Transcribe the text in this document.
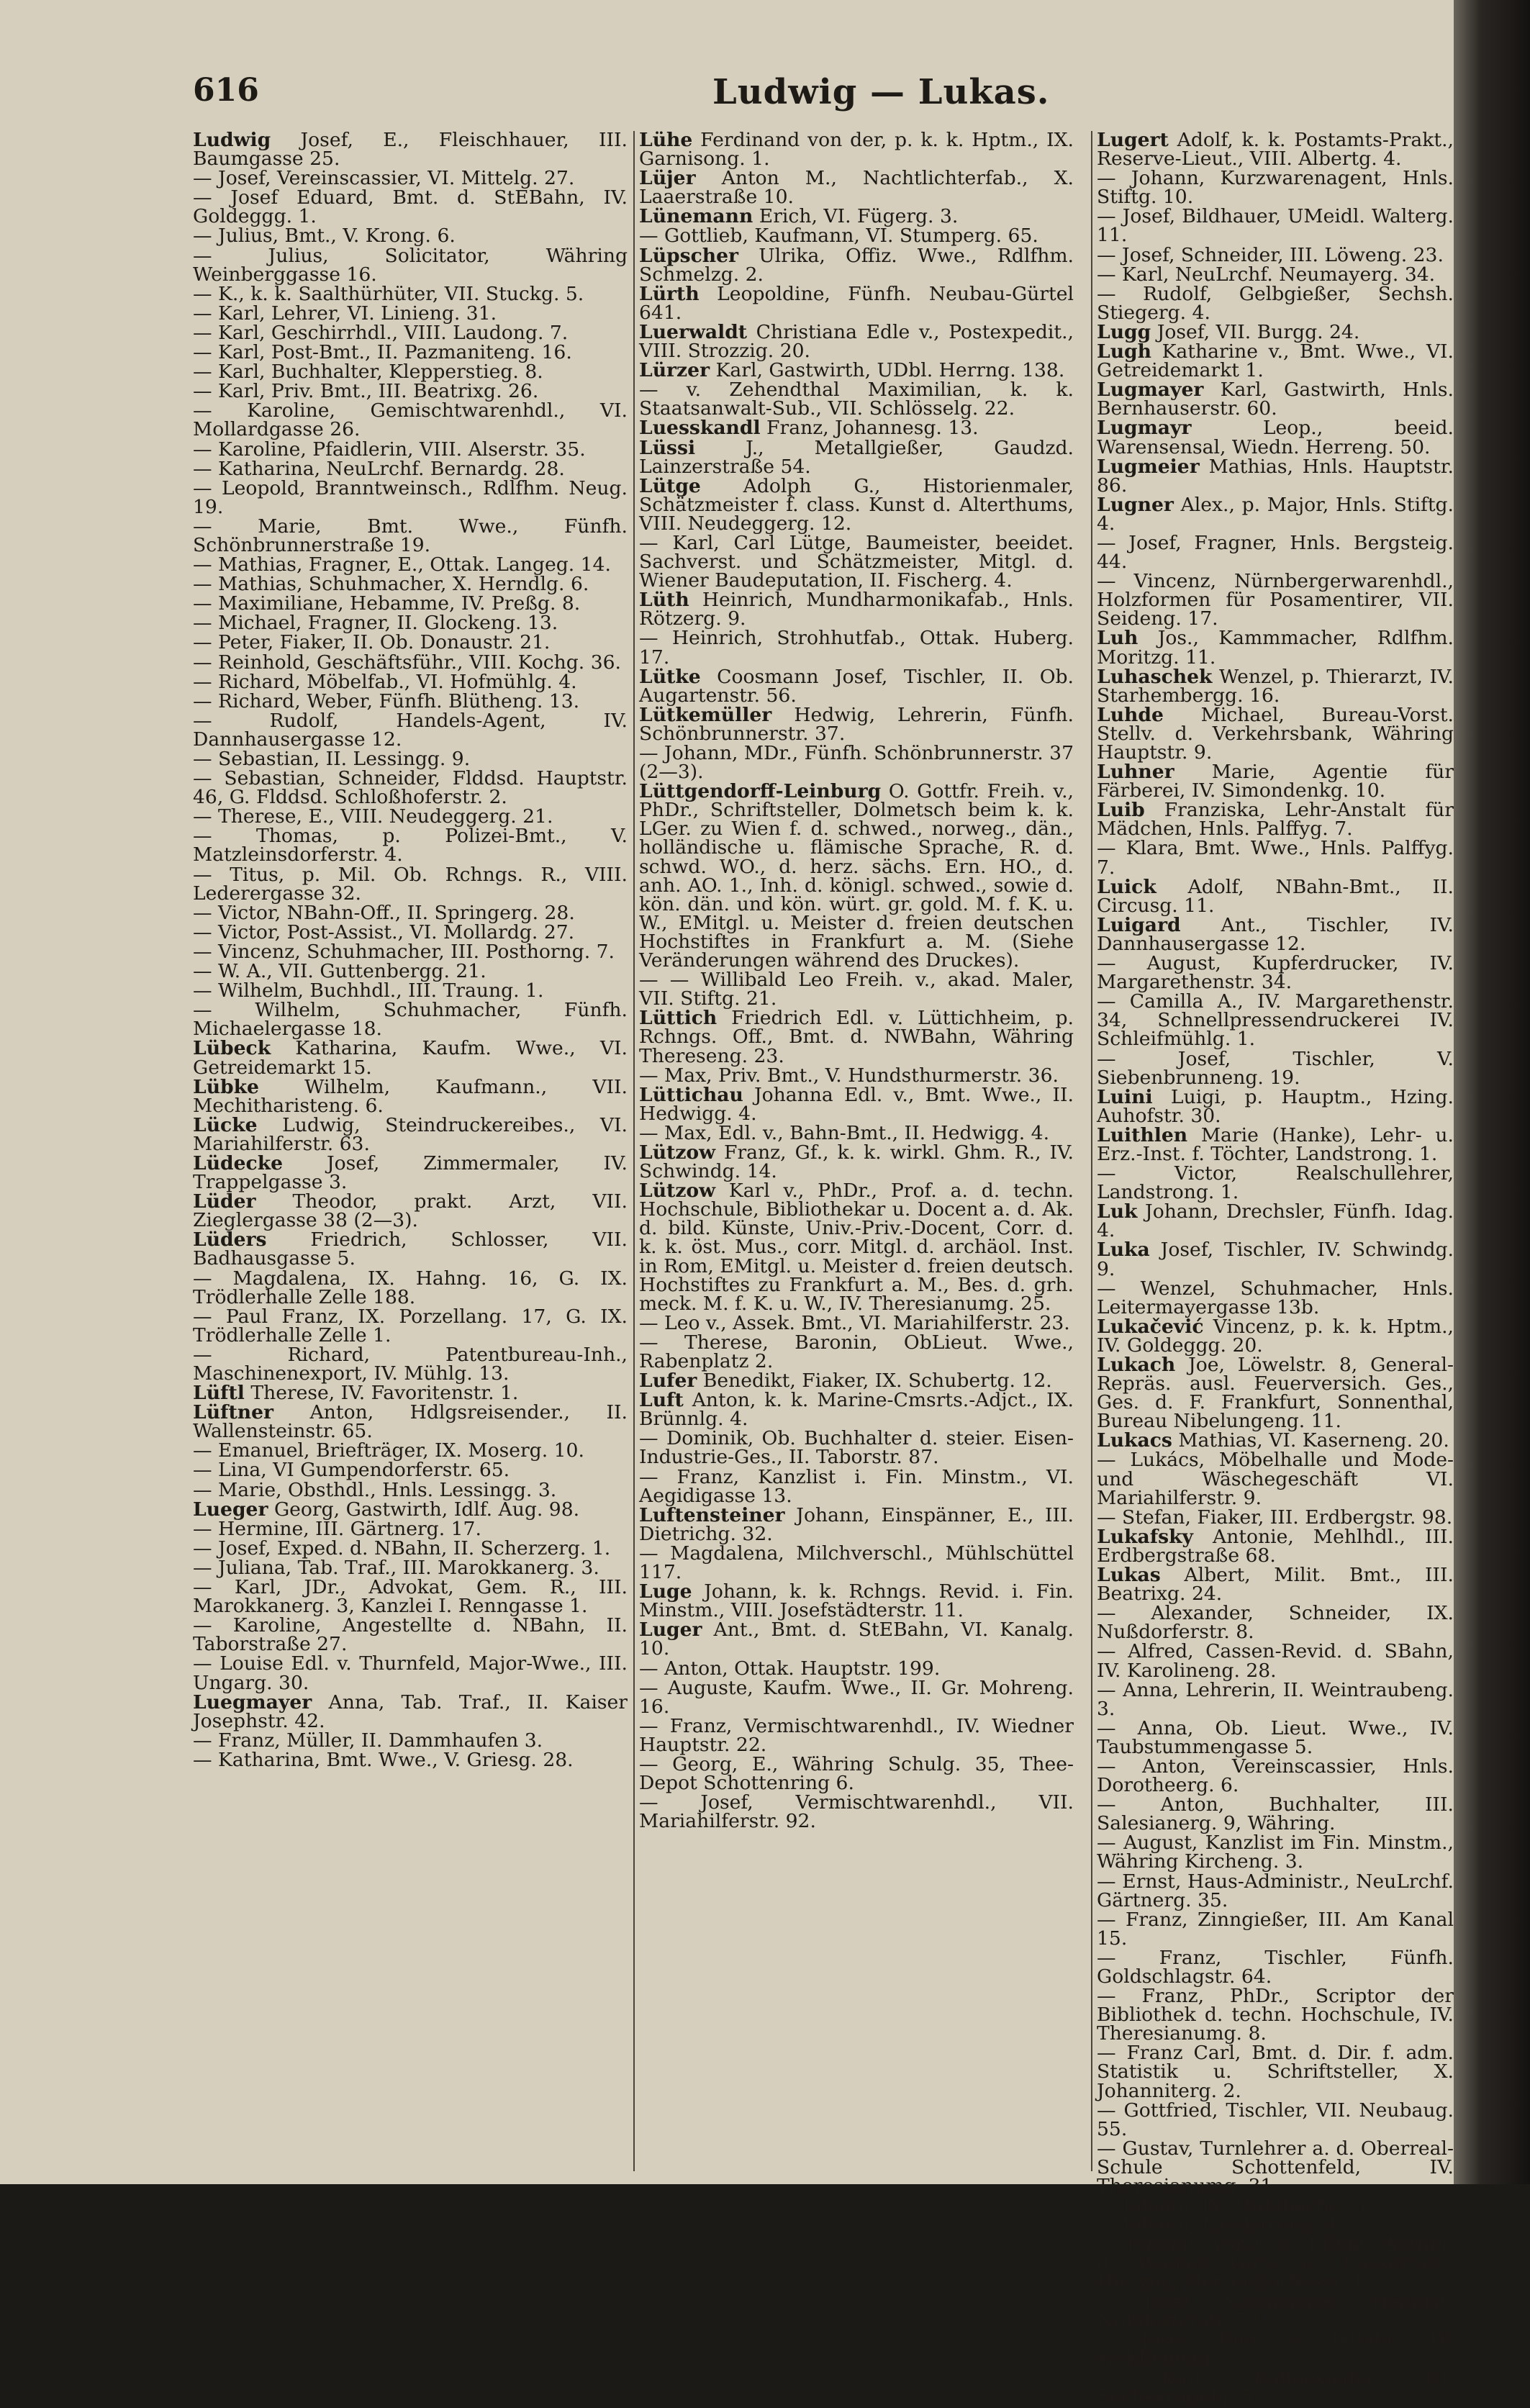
616	Ludwig — Lukas.
Ludwig Josef, E., Fleischhauer, III. Baumgasse 25.
— Josef, Vereinscassier, VI. Mittelg. 27.
— Josef Eduard, Bmt. d. StEBahn, IV. Goldeggg. 1.
— Julius, Bmt., V. Krong. 6.
— Julius, Solicitator, Währing Weinberggasse 16.
— K., k. k. Saalthürhüter, VII. Stuckg. 5.
— Karl, Lehrer, VI. Linieng. 31.
— Karl, Geschirrhdl., VIII. Laudong. 7.
— Karl, Post-Bmt., II. Pazmaniteng. 16.
— Karl, Buchhalter, Klepperstieg. 8.
— Karl, Priv. Bmt., III. Beatrixg. 26.
— Karoline, Gemischtwarenhdl., VI. Mollardgasse 26.
— Karoline, Pfaidlerin, VIII. Alserstr. 35.
— Katharina, NeuLrchf. Bernardg. 28.
— Leopold, Branntweinsch., Rdlfhm. Neug. 19.
— Marie, Bmt. Wwe., Fünfh. Schönbrunnerstraße 19.
— Mathias, Fragner, E., Ottak. Langeg. 14.
— Mathias, Schuhmacher, X. Herndlg. 6.
— Maximiliane, Hebamme, IV. Preßg. 8.
— Michael, Fragner, II. Glockeng. 13.
— Peter, Fiaker, II. Ob. Donaustr. 21.
— Reinhold, Geschäftsführ., VIII. Kochg. 36.
— Richard, Möbelfab., VI. Hofmühlg. 4.
— Richard, Weber, Fünfh. Blütheng. 13.
— Rudolf, Handels-Agent, IV. Dannhausergasse 12.
— Sebastian, II. Lessingg. 9.
— Sebastian, Schneider, Flddsd. Hauptstr. 46, G. Flddsd. Schloßhoferstr. 2.
— Therese, E., VIII. Neudeggerg. 21.
— Thomas, p. Polizei-Bmt., V. Matzleinsdorferstr. 4.
— Titus, p. Mil. Ob. Rchngs. R., VIII. Lederergasse 32.
— Victor, NBahn-Off., II. Springerg. 28.
— Victor, Post-Assist., VI. Mollardg. 27.
— Vincenz, Schuhmacher, III. Posthorng. 7.
— W. A., VII. Guttenbergg. 21.
— Wilhelm, Buchhdl., III. Traung. 1.
— Wilhelm, Schuhmacher, Fünfh. Michaelergasse 18.
Lübeck Katharina, Kaufm. Wwe., VI. Getreidemarkt 15.
Lübke Wilhelm, Kaufmann., VII. Mechitharisteng. 6.
Lücke Ludwig, Steindruckereibes., VI. Mariahilferstr. 63.
Lüdecke Josef, Zimmermaler, IV. Trappelgasse 3.
Lüder Theodor, prakt. Arzt, VII. Zieglergasse 38 (2—3).
Lüders Friedrich, Schlosser, VII. Badhausgasse 5.
— Magdalena, IX. Hahng. 16, G. IX. Trödlerhalle Zelle 188.
— Paul Franz, IX. Porzellang. 17, G. IX. Trödlerhalle Zelle 1.
— Richard, Patentbureau-Inh., Maschinenexport, IV. Mühlg. 13.
Lüftl Therese, IV. Favoritenstr. 1.
Lüftner Anton, Hdlgsreisender., II. Wallensteinstr. 65.
— Emanuel, Briefträger, IX. Moserg. 10.
— Lina, VI Gumpendorferstr. 65.
— Marie, Obsthdl., Hnls. Lessingg. 3.
Lueger Georg, Gastwirth, Idlf. Aug. 98.
— Hermine, III. Gärtnerg. 17.
— Josef, Exped. d. NBahn, II. Scherzerg. 1.
— Juliana, Tab. Traf., III. Marokkanerg. 3.
— Karl, JDr., Advokat, Gem. R., III. Marokkanerg. 3, Kanzlei I. Renngasse 1.
— Karoline, Angestellte d. NBahn, II. Taborstraße 27.
— Louise Edl. v. Thurnfeld, Major-Wwe., III. Ungarg. 30.
Luegmayer Anna, Tab. Traf., II. Kaiser Josephstr. 42.
— Franz, Müller, II. Dammhaufen 3.
— Katharina, Bmt. Wwe., V. Griesg. 28.
Lühe Ferdinand von der, p. k. k. Hptm., IX. Garnisong. 1.
Lüjer Anton M., Nachtlichterfab., X. Laaerstraße 10.
Lünemann Erich, VI. Fügerg. 3.
— Gottlieb, Kaufmann, VI. Stumperg. 65.
Lüpscher Ulrika, Offiz. Wwe., Rdlfhm. Schmelzg. 2.
Lürth Leopoldine, Fünfh. Neubau-Gürtel 641.
Luerwaldt Christiana Edle v., Postexpedit., VIII. Strozzig. 20.
Lürzer Karl, Gastwirth, UDbl. Herrng. 138.
— v. Zehendthal Maximilian, k. k. Staatsanwalt-Sub., VII. Schlösselg. 22.
Luesskandl Franz, Johannesg. 13.
Lüssi J., Metallgießer, Gaudzd. Lainzerstraße 54.
Lütge Adolph G., Historienmaler, Schätzmeister f. class. Kunst d. Alterthums, VIII. Neudeggerg. 12.
— Karl, Carl Lütge, Baumeister, beeidet. Sachverst. und Schätzmeister, Mitgl. d. Wiener Baudeputation, II. Fischerg. 4.
Lüth Heinrich, Mundharmonikafab., Hnls. Rötzerg. 9.
— Heinrich, Strohhutfab., Ottak. Huberg. 17.
Lütke Coosmann Josef, Tischler, II. Ob. Augartenstr. 56.
Lütkemüller Hedwig, Lehrerin, Fünfh. Schönbrunnerstr. 37.
— Johann, MDr., Fünfh. Schönbrunnerstr. 37 (2—3).
Lüttgendorff-Leinburg O. Gottfr. Freih. v., PhDr., Schriftsteller, Dolmetsch beim k. k. LGer. zu Wien f. d. schwed., norweg., dän., holländische u. flämische Sprache, R. d. schwd. WO., d. herz. sächs. Ern. HO., d. anh. AO. 1., Inh. d. königl. schwed., sowie d. kön. dän. und kön. würt. gr. gold. M. f. K. u. W., EMitgl. u. Meister d. freien deutschen Hochstiftes in Frankfurt a. M. (Siehe Veränderungen während des Druckes).
— — Willibald Leo Freih. v., akad. Maler, VII. Stiftg. 21.
Lüttich Friedrich Edl. v. Lüttichheim, p. Rchngs. Off., Bmt. d. NWBahn, Währing Thereseng. 23.
— Max, Priv. Bmt., V. Hundsthurmerstr. 36.
Lüttichau Johanna Edl. v., Bmt. Wwe., II. Hedwigg. 4.
— Max, Edl. v., Bahn-Bmt., II. Hedwigg. 4.
Lützow Franz, Gf., k. k. wirkl. Ghm. R., IV. Schwindg. 14.
Lützow Karl v., PhDr., Prof. a. d. techn. Hochschule, Bibliothekar u. Docent a. d. Ak. d. bild. Künste, Univ.-Priv.-Docent, Corr. d. k. k. öst. Mus., corr. Mitgl. d. archäol. Inst. in Rom, EMitgl. u. Meister d. freien deutsch. Hochstiftes zu Frankfurt a. M., Bes. d. grh. meck. M. f. K. u. W., IV. Theresianumg. 25.
— Leo v., Assek. Bmt., VI. Mariahilferstr. 23.
— Therese, Baronin, ObLieut. Wwe., Rabenplatz 2.
Lufer Benedikt, Fiaker, IX. Schubertg. 12.
Luft Anton, k. k. Marine-Cmsrts.-Adjct., IX. Brünnlg. 4.
— Dominik, Ob. Buchhalter d. steier. Eisen-Industrie-Ges., II. Taborstr. 87.
— Franz, Kanzlist i. Fin. Minstm., VI. Aegidigasse 13.
Luftensteiner Johann, Einspänner, E., III. Dietrichg. 32.
— Magdalena, Milchverschl., Mühlschüttel 117.
Luge Johann, k. k. Rchngs. Revid. i. Fin. Minstm., VIII. Josefstädterstr. 11.
Luger Ant., Bmt. d. StEBahn, VI. Kanalg. 10.
— Anton, Ottak. Hauptstr. 199.
— Auguste, Kaufm. Wwe., II. Gr. Mohreng. 16.
— Franz, Vermischtwarenhdl., IV. Wiedner Hauptstr. 22.
— Georg, E., Währing Schulg. 35, Thee-Depot Schottenring 6.
— Josef, Vermischtwarenhdl., VII. Mariahilferstr. 92.
Lugert Adolf, k. k. Postamts-Prakt., Reserve-Lieut., VIII. Albertg. 4.
— Johann, Kurzwarenagent, Hnls. Stiftg. 10.
— Josef, Bildhauer, UMeidl. Walterg. 11.
— Josef, Schneider, III. Löweng. 23.
— Karl, NeuLrchf. Neumayerg. 34.
— Rudolf, Gelbgießer, Sechsh. Stiegerg. 4.
Lugg Josef, VII. Burgg. 24.
Lugh Katharine v., Bmt. Wwe., VI. Getreidemarkt 1.
Lugmayer Karl, Gastwirth, Hnls. Bernhauserstr. 60.
Lugmayr Leop., beeid. Warensensal, Wiedn. Herreng. 50.
Lugmeier Mathias, Hnls. Hauptstr. 86.
Lugner Alex., p. Major, Hnls. Stiftg. 4.
— Josef, Fragner, Hnls. Bergsteig. 44.
— Vincenz, Nürnbergerwarenhdl., Holzformen für Posamentirer, VII. Seideng. 17.
Luh Jos., Kammmacher, Rdlfhm. Moritzg. 11.
Luhaschek Wenzel, p. Thierarzt, IV. Starhembergg. 16.
Luhde Michael, Bureau-Vorst. Stellv. d. Verkehrsbank, Währing Hauptstr. 9.
Luhner Marie, Agentie für Färberei, IV. Simondenkg. 10.
Luib Franziska, Lehr-Anstalt für Mädchen, Hnls. Palffyg. 7.
— Klara, Bmt. Wwe., Hnls. Palffyg. 7.
Luick Adolf, NBahn-Bmt., II. Circusg. 11.
Luigard Ant., Tischler, IV. Dannhausergasse 12.
— August, Kupferdrucker, IV. Margarethenstr. 34.
— Camilla A., IV. Margarethenstr. 34, Schnellpressendruckerei IV. Schleifmühlg. 1.
— Josef, Tischler, V. Siebenbrunneng. 19.
Luini Luigi, p. Hauptm., Hzing. Auhofstr. 30.
Luithlen Marie (Hanke), Lehr- u. Erz.-Inst. f. Töchter, Landstrong. 1.
— Victor, Realschullehrer, Landstrong. 1.
Luk Johann, Drechsler, Fünfh. Idag. 4.
Luka Josef, Tischler, IV. Schwindg. 9.
— Wenzel, Schuhmacher, Hnls. Leitermayergasse 13b.
Lukačević Vincenz, p. k. k. Hptm., IV. Goldeggg. 20.
Lukach Joe, Löwelstr. 8, General-Repräs. ausl. Feuerversich. Ges., Ges. d. F. Frankfurt, Sonnenthal, Bureau Nibelungeng. 11.
Lukacs Mathias, VI. Kaserneng. 20.
— Lukács, Möbelhalle und Mode- und Wäschegeschäft VI. Mariahilferstr. 9.
— Stefan, Fiaker, III. Erdbergstr. 98.
Lukafsky Antonie, Mehlhdl., III. Erdbergstraße 68.
Lukas Albert, Milit. Bmt., III. Beatrixg. 24.
— Alexander, Schneider, IX. Nußdorferstr. 8.
— Alfred, Cassen-Revid. d. SBahn, IV. Karolineng. 28.
— Anna, Lehrerin, II. Weintraubeng. 3.
— Anna, Ob. Lieut. Wwe., IV. Taubstummengasse 5.
— Anton, Vereinscassier, Hnls. Dorotheerg. 6.
— Anton, Buchhalter, III. Salesianerg. 9, Währing.
— August, Kanzlist im Fin. Minstm., Währing Kircheng. 3.
— Ernst, Haus-Administr., NeuLrchf. Gärtnerg. 35.
— Franz, Zinngießer, III. Am Kanal 15.
— Franz, Tischler, Fünfh. Goldschlagstr. 64.
— Franz, PhDr., Scriptor der Bibliothek d. techn. Hochschule, IV. Theresianumg. 8.
— Franz Carl, Bmt. d. Dir. f. adm. Statistik u. Schriftsteller, X. Johanniterg. 2.
— Gottfried, Tischler, VII. Neubaug. 55.
— Gustav, Turnlehrer a. d. Oberreal-Schule Schottenfeld, IV. Theresianumg. 31.
— Johann, IV. Mühlbachg. 3.
— Johann, Landstrong. 4.
— Johann, Vorst. d. Effekt. Abthlg. d. Wiener Giro- u. Cassenver., Hietzing Hetzendorferstr. 1.
— Josef, Siebmacher, Heiligst. Nußdorferstr. 72.
— Josef, Bmt. d. NBahn, IV. Wohllebeng. 3.
— Karl, Kaffeesieder, III. Sechskrügelg. 5.
